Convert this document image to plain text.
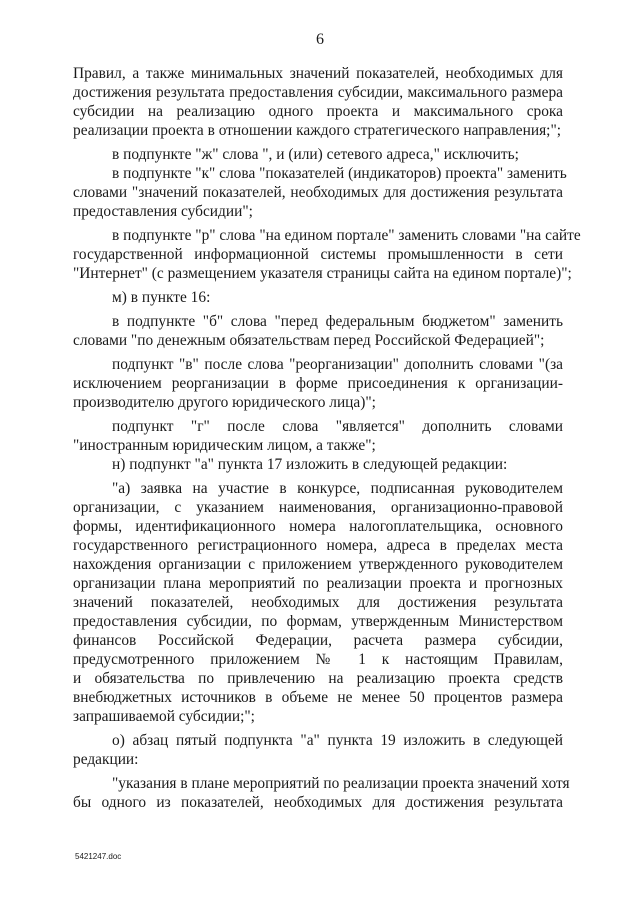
6
Правил, а также минимальных значений показателей, необходимых для
достижения результата предоставления субсидии, максимального размера
субсидии на реализацию одного проекта и максимального срока
реализации проекта в отношении каждого стратегического направления;";
в подпункте "ж" слова ", и (или) сетевого адреса," исключить;
в подпункте "к" слова "показателей (индикаторов) проекта" заменить
словами "значений показателей, необходимых для достижения результата
предоставления субсидии";
в подпункте "р" слова "на едином портале" заменить словами "на сайте
государственной информационной системы промышленности в сети
"Интернет" (с размещением указателя страницы сайта на едином портале)";
м) в пункте 16:
в подпункте "б" слова "перед федеральным бюджетом" заменить
словами "по денежным обязательствам перед Российской Федерацией";
подпункт "в" после слова "реорганизации" дополнить словами "(за
исключением реорганизации в форме присоединения к организации-
производителю другого юридического лица)";
подпункт "г" после слова "является" дополнить словами
"иностранным юридическим лицом, а также";
н) подпункт "а" пункта 17 изложить в следующей редакции:
"а) заявка на участие в конкурсе, подписанная руководителем
организации, с указанием наименования, организационно-правовой
формы, идентификационного номера налогоплательщика, основного
государственного регистрационного номера, адреса в пределах места
нахождения организации с приложением утвержденного руководителем
организации плана мероприятий по реализации проекта и прогнозных
значений показателей, необходимых для достижения результата
предоставления субсидии, по формам, утвержденным Министерством
финансов Российской Федерации, расчета размера субсидии,
предусмотренного приложением № 1 к настоящим Правилам,
и обязательства по привлечению на реализацию проекта средств
внебюджетных источников в объеме не менее 50 процентов размера
запрашиваемой субсидии;";
о) абзац пятый подпункта "а" пункта 19 изложить в следующей
редакции:
"указания в плане мероприятий по реализации проекта значений хотя
бы одного из показателей, необходимых для достижения результата
5421247.doc
